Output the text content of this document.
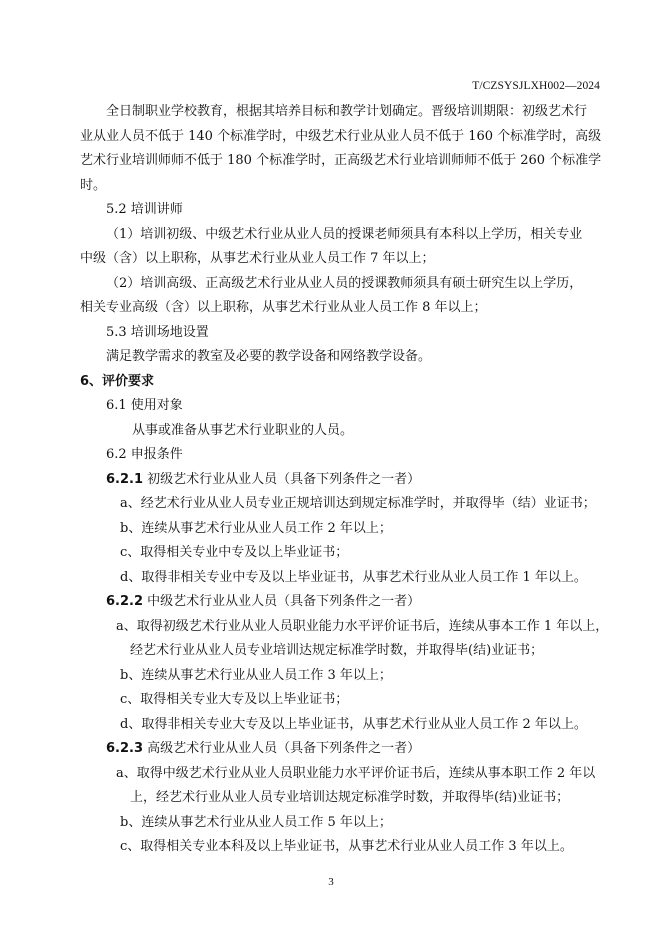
T/CZSYSJLXH002—2024

全日制职业学校教育，根据其培养目标和教学计划确定。晋级培训期限：初级艺术行

业从业人员不低于 140 个标准学时，中级艺术行业从业人员不低于 160 个标准学时，高级

艺术行业培训师师不低于 180 个标准学时，正高级艺术行业培训师师不低于 260 个标准学

时。

5.2 培训讲师

（1）培训初级、中级艺术行业从业人员的授课老师须具有本科以上学历，相关专业

中级（含）以上职称，从事艺术行业从业人员工作 7 年以上；

（2）培训高级、正高级艺术行业从业人员的授课教师须具有硕士研究生以上学历，

相关专业高级（含）以上职称，从事艺术行业从业人员工作 8 年以上；

5.3 培训场地设置

满足教学需求的教室及必要的教学设备和网络教学设备。

6、评价要求

6.1 使用对象

从事或准备从事艺术行业职业的人员。

6.2 申报条件

6.2.1 初级艺术行业从业人员（具备下列条件之一者）

a、经艺术行业从业人员专业正规培训达到规定标准学时，并取得毕（结）业证书；

b、连续从事艺术行业从业人员工作 2 年以上；

c、取得相关专业中专及以上毕业证书；

d、取得非相关专业中专及以上毕业证书，从事艺术行业从业人员工作 1 年以上。

6.2.2 中级艺术行业从业人员（具备下列条件之一者）

a、取得初级艺术行业从业人员职业能力水平评价证书后，连续从事本工作 1 年以上，

经艺术行业从业人员专业培训达规定标准学时数，并取得毕(结)业证书；

b、连续从事艺术行业从业人员工作 3 年以上；

c、取得相关专业大专及以上毕业证书；

d、取得非相关专业大专及以上毕业证书，从事艺术行业从业人员工作 2 年以上。

6.2.3 高级艺术行业从业人员（具备下列条件之一者）

a、取得中级艺术行业从业人员职业能力水平评价证书后，连续从事本职工作 2 年以

上，经艺术行业从业人员专业培训达规定标准学时数，并取得毕(结)业证书；

b、连续从事艺术行业从业人员工作 5 年以上；

c、取得相关专业本科及以上毕业证书，从事艺术行业从业人员工作 3 年以上。

3
